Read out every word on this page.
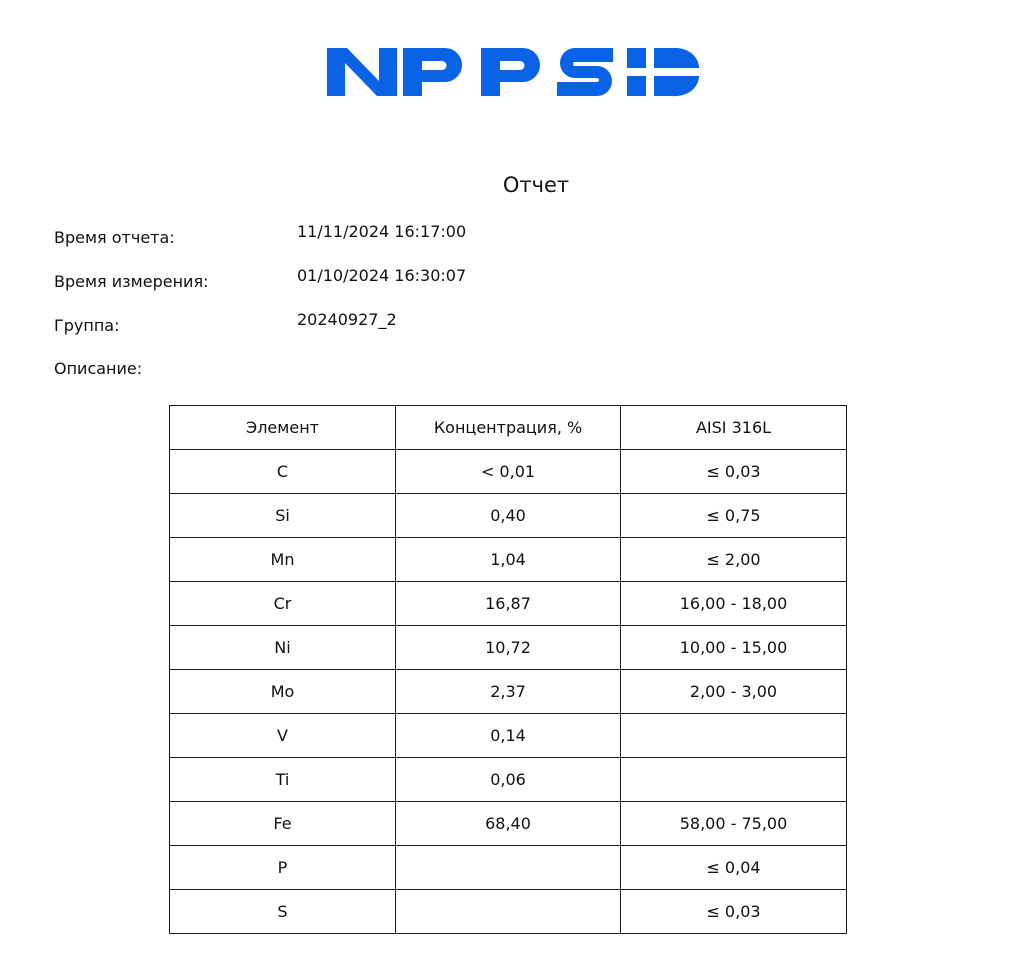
Отчет
Время отчета:	11/11/2024 16:17:00
Время измерения:	01/10/2024 16:30:07
Группа:	20240927_2
Описание:
Элемент	Концентрация, %	AISI 316L
C	< 0,01	≤ 0,03
Si	0,40	≤ 0,75
Mn	1,04	≤ 2,00
Cr	16,87	16,00 - 18,00
Ni	10,72	10,00 - 15,00
Mo	2,37	2,00 - 3,00
V	0,14	
Ti	0,06	
Fe	68,40	58,00 - 75,00
P		≤ 0,04
S		≤ 0,03
